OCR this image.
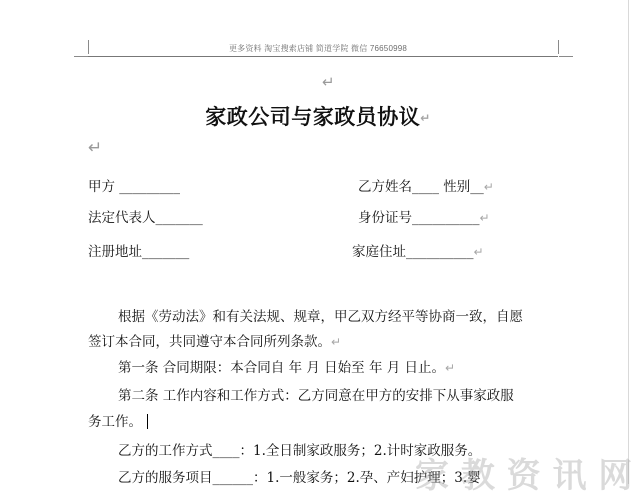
更多资料 淘宝搜索店铺 简道学院 微信 76650998
↵
家政公司与家政员协议↵
↵
甲方 _________	乙方姓名____ 性别__↵
法定代表人_______	身份证号__________↵
注册地址_______	家庭住址__________↵
根据《劳动法》和有关法规、规章，甲乙双方经平等协商一致，自愿
签订本合同，共同遵守本合同所列条款。↵
第一条 合同期限：本合同自 年 月 日始至 年 月 日止。↵
第二条 工作内容和工作方式：乙方同意在甲方的安排下从事家政服
务工作。
乙方的工作方式____：1.全日制家政服务；2.计时家政服务。
乙方的服务项目______：1.一般家务；2.孕、产妇护理；3.婴
家 教 资 讯 网
